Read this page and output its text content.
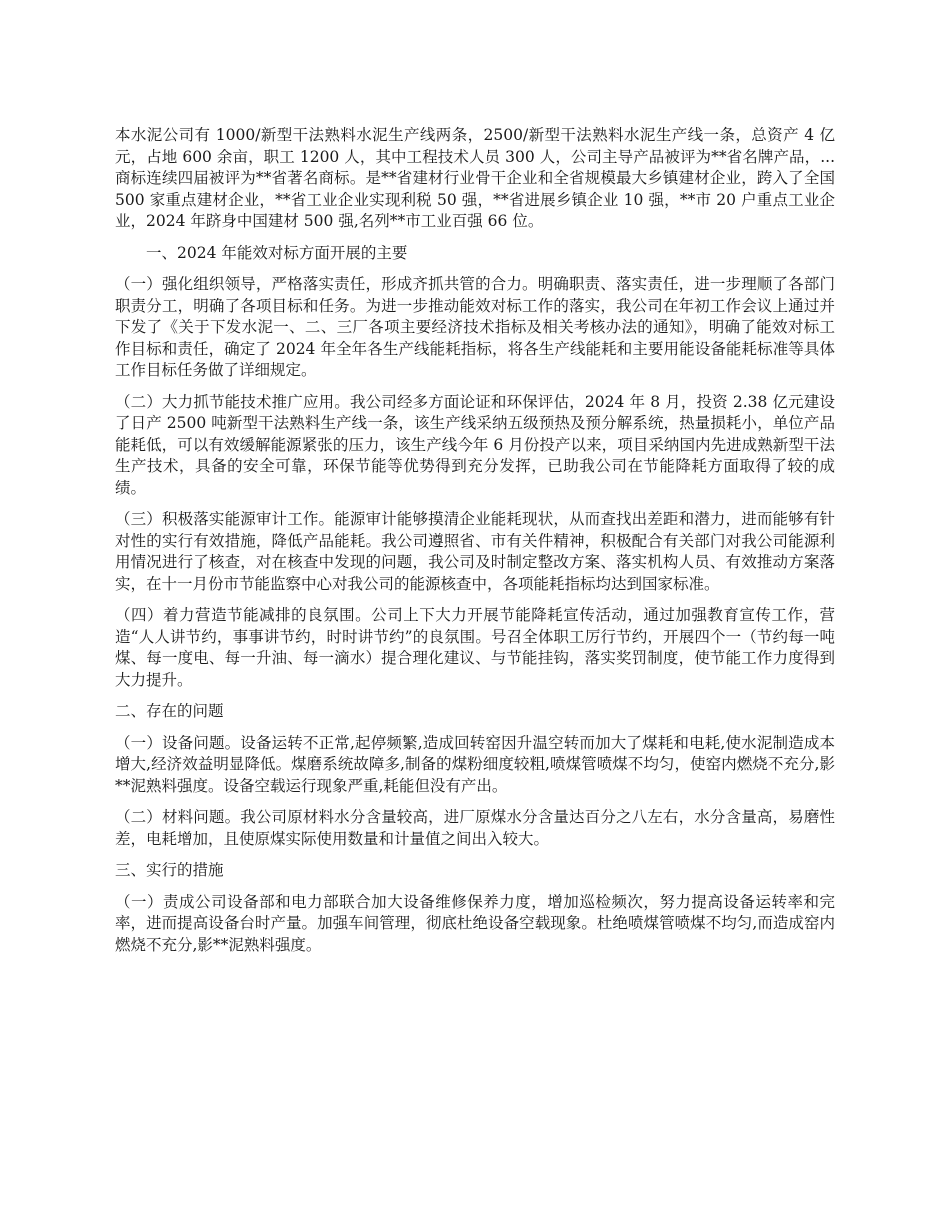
本水泥公司有 1000/新型干法熟料水泥生产线两条，2500/新型干法熟料水泥生产线一条，总资产 4 亿元，占地 600 余亩，职工 1200 人，其中工程技术人员 300 人，公司主导产品被评为**省名牌产品，...商标连续四届被评为**省著名商标。是**省建材行业骨干企业和全省规模最大乡镇建材企业，跨入了全国 500 家重点建材企业，**省工业企业实现利税 50 强，**省进展乡镇企业 10 强，**市 20 户重点工业企业，2024 年跻身中国建材 500 强,名列**市工业百强 66 位。

一、2024 年能效对标方面开展的主要

（一）强化组织领导，严格落实责任，形成齐抓共管的合力。明确职责、落实责任，进一步理顺了各部门职责分工，明确了各项目标和任务。为进一步推动能效对标工作的落实，我公司在年初工作会议上通过并下发了《关于下发水泥一、二、三厂各项主要经济技术指标及相关考核办法的通知》，明确了能效对标工作目标和责任，确定了 2024 年全年各生产线能耗指标，将各生产线能耗和主要用能设备能耗标准等具体工作目标任务做了详细规定。

（二）大力抓节能技术推广应用。我公司经多方面论证和环保评估，2024 年 8 月，投资 2.38 亿元建设了日产 2500 吨新型干法熟料生产线一条，该生产线采纳五级预热及预分解系统，热量损耗小，单位产品能耗低，可以有效缓解能源紧张的压力，该生产线今年 6 月份投产以来，项目采纳国内先进成熟新型干法生产技术，具备的安全可靠，环保节能等优势得到充分发挥，已助我公司在节能降耗方面取得了较的成绩。

（三）积极落实能源审计工作。能源审计能够摸清企业能耗现状，从而查找出差距和潜力，进而能够有针对性的实行有效措施，降低产品能耗。我公司遵照省、市有关件精神，积极配合有关部门对我公司能源利用情况进行了核查，对在核查中发现的问题，我公司及时制定整改方案、落实机构人员、有效推动方案落实，在十一月份市节能监察中心对我公司的能源核查中，各项能耗指标均达到国家标准。

（四）着力营造节能减排的良氛围。公司上下大力开展节能降耗宣传活动，通过加强教育宣传工作，营造“人人讲节约，事事讲节约，时时讲节约”的良氛围。号召全体职工厉行节约，开展四个一（节约每一吨煤、每一度电、每一升油、每一滴水）提合理化建议、与节能挂钩，落实奖罚制度，使节能工作力度得到大力提升。

二、存在的问题

（一）设备问题。设备运转不正常,起停频繁,造成回转窑因升温空转而加大了煤耗和电耗,使水泥制造成本增大,经济效益明显降低。煤磨系统故障多,制备的煤粉细度较粗,喷煤管喷煤不均匀，使窑内燃烧不充分,影**泥熟料强度。设备空载运行现象严重,耗能但没有产出。

（二）材料问题。我公司原材料水分含量较高，进厂原煤水分含量达百分之八左右，水分含量高，易磨性差，电耗增加，且使原煤实际使用数量和计量值之间出入较大。

三、实行的措施

（一）责成公司设备部和电力部联合加大设备维修保养力度，增加巡检频次，努力提高设备运转率和完率，进而提高设备台时产量。加强车间管理，彻底杜绝设备空载现象。杜绝喷煤管喷煤不均匀,而造成窑内燃烧不充分,影**泥熟料强度。
